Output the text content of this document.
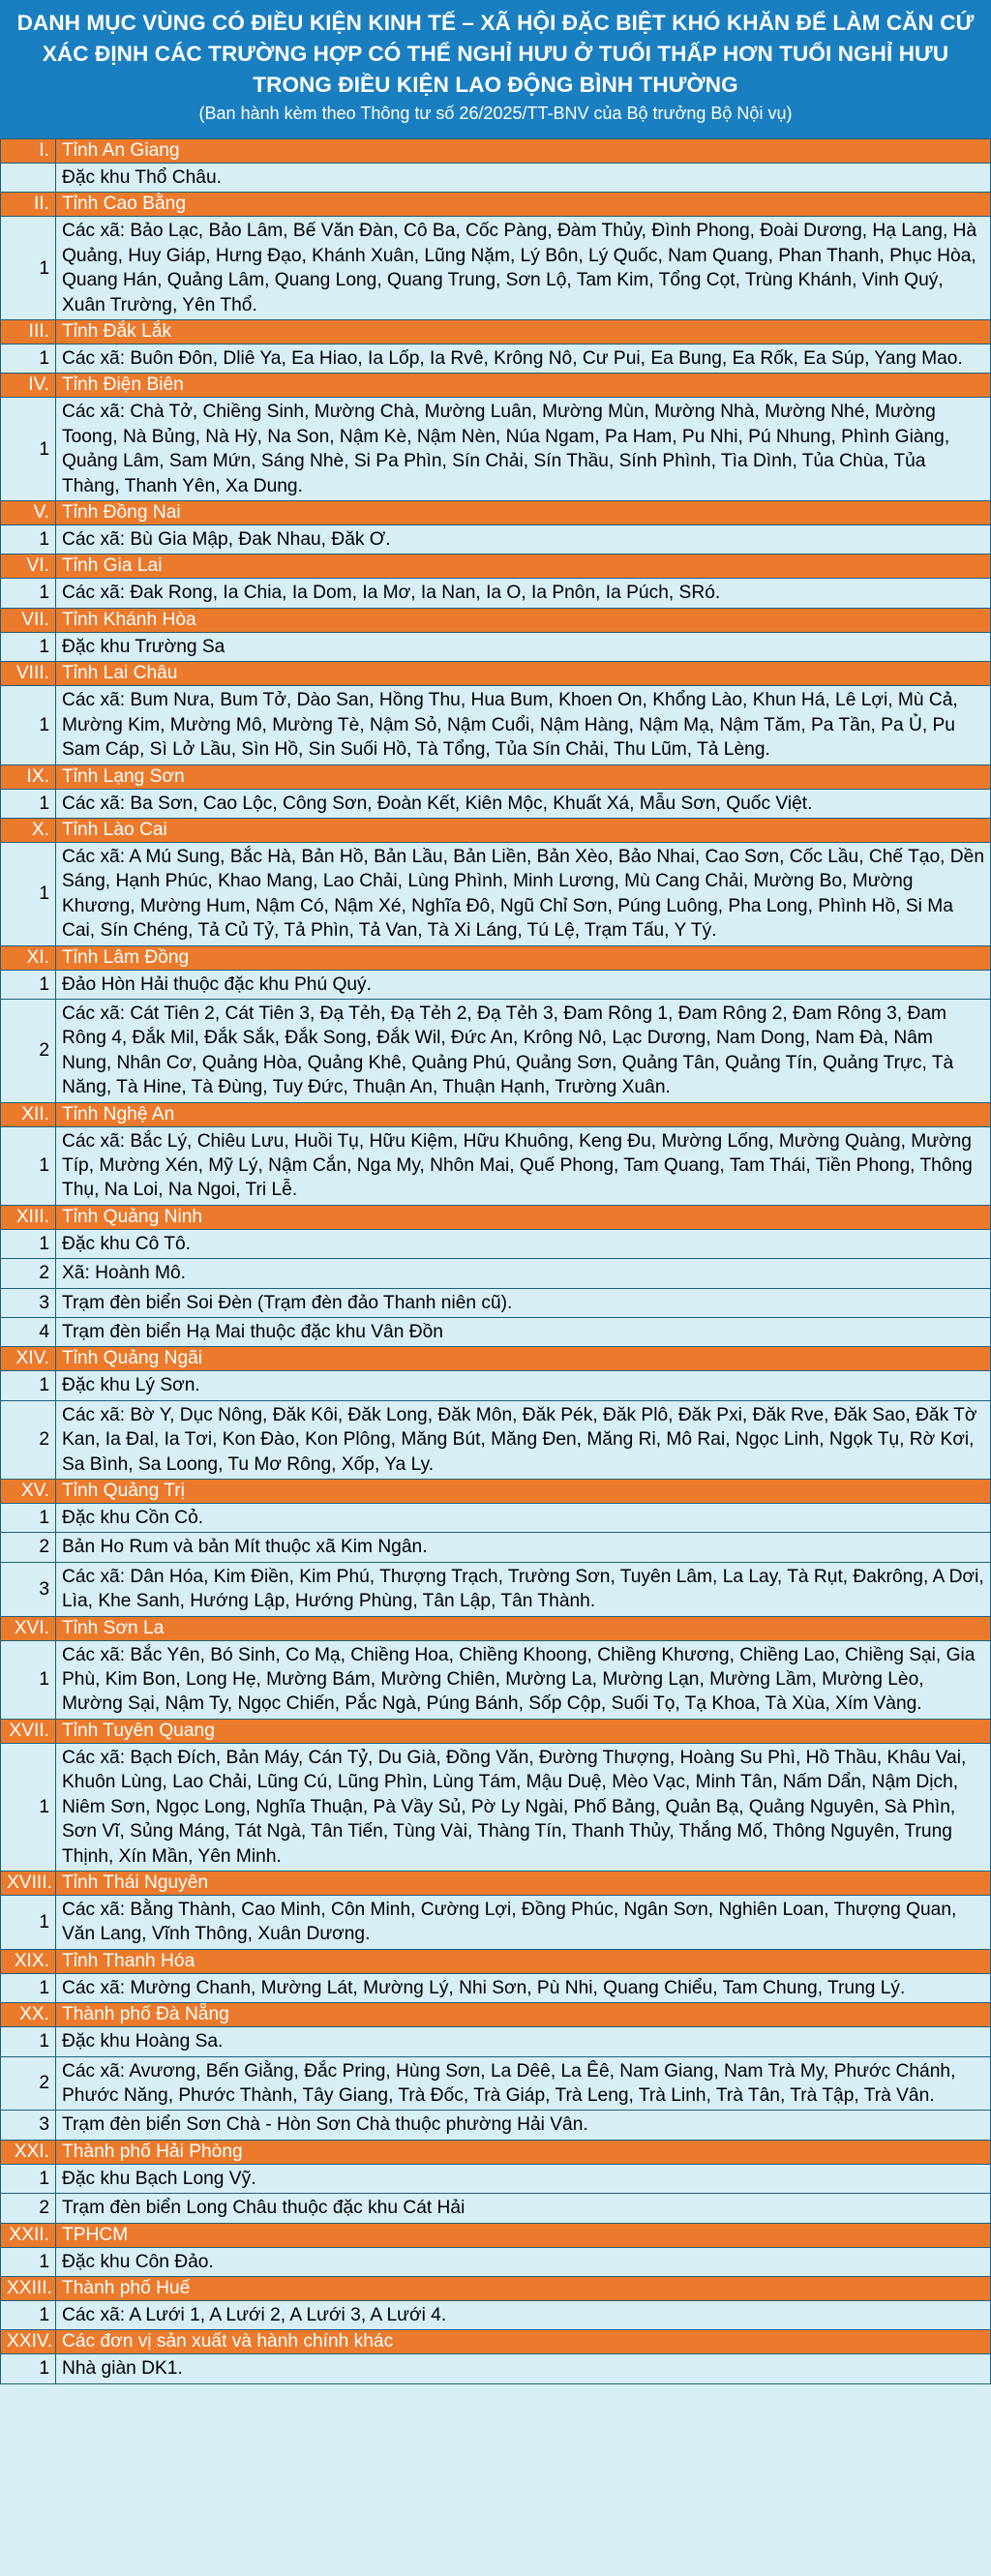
DANH MỤC VÙNG CÓ ĐIỀU KIỆN KINH TẾ – XÃ HỘI ĐẶC BIỆT KHÓ KHĂN ĐỂ LÀM CĂN CỨ
XÁC ĐỊNH CÁC TRƯỜNG HỢP CÓ THỂ NGHỈ HƯU Ở TUỔI THẤP HƠN TUỔI NGHỈ HƯU
TRONG ĐIỀU KIỆN LAO ĐỘNG BÌNH THƯỜNG
(Ban hành kèm theo Thông tư số 26/2025/TT-BNV của Bộ trưởng Bộ Nội vụ)
I.	Tỉnh An Giang
	Đặc khu Thổ Châu.
II.	Tỉnh Cao Bằng
1	Các xã: Bảo Lạc, Bảo Lâm, Bế Văn Đàn, Cô Ba, Cốc Pàng, Đàm Thủy, Đình Phong, Đoài Dương, Hạ Lang, Hà Quảng, Huy Giáp, Hưng Đạo, Khánh Xuân, Lũng Nặm, Lý Bôn, Lý Quốc, Nam Quang, Phan Thanh, Phục Hòa, Quang Hán, Quảng Lâm, Quang Long, Quang Trung, Sơn Lộ, Tam Kim, Tổng Cọt, Trùng Khánh, Vinh Quý, Xuân Trường, Yên Thổ.
III.	Tỉnh Đắk Lắk
1	Các xã: Buôn Đôn, Dliê Ya, Ea Hiao, Ia Lốp, Ia Rvê, Krông Nô, Cư Pui, Ea Bung, Ea Rốk, Ea Súp, Yang Mao.
IV.	Tỉnh Điện Biên
1	Các xã: Chà Tở, Chiềng Sinh, Mường Chà, Mường Luân, Mường Mùn, Mường Nhà, Mường Nhé, Mường Toong, Nà Bủng, Nà Hỳ, Na Son, Nậm Kè, Nậm Nèn, Núa Ngam, Pa Ham, Pu Nhi, Pú Nhung, Phình Giàng, Quảng Lâm, Sam Mứn, Sáng Nhè, Si Pa Phìn, Sín Chải, Sín Thầu, Sính Phình, Tìa Dình, Tủa Chùa, Tủa Thàng, Thanh Yên, Xa Dung.
V.	Tỉnh Đồng Nai
1	Các xã: Bù Gia Mập, Đak Nhau, Đăk Ơ.
VI.	Tỉnh Gia Lai
1	Các xã: Đak Rong, Ia Chia, Ia Dom, Ia Mơ, Ia Nan, Ia O, Ia Pnôn, Ia Púch, SRó.
VII.	Tỉnh Khánh Hòa
1	Đặc khu Trường Sa
VIII.	Tỉnh Lai Châu
1	Các xã: Bum Nưa, Bum Tở, Dào San, Hồng Thu, Hua Bum, Khoen On, Khổng Lào, Khun Há, Lê Lợi, Mù Cả, Mường Kim, Mường Mô, Mường Tè, Nậm Sỏ, Nậm Cuổi, Nậm Hàng, Nậm Mạ, Nậm Tăm, Pa Tần, Pa Ủ, Pu Sam Cáp, Sì Lở Lầu, Sìn Hồ, Sin Suối Hồ, Tà Tổng, Tủa Sín Chải, Thu Lũm, Tả Lèng.
IX.	Tỉnh Lạng Sơn
1	Các xã: Ba Sơn, Cao Lộc, Công Sơn, Đoàn Kết, Kiên Mộc, Khuất Xá, Mẫu Sơn, Quốc Việt.
X.	Tỉnh Lào Cai
1	Các xã: A Mú Sung, Bắc Hà, Bản Hồ, Bản Lầu, Bản Liền, Bản Xèo, Bảo Nhai, Cao Sơn, Cốc Lầu, Chế Tạo, Dền Sáng, Hạnh Phúc, Khao Mang, Lao Chải, Lùng Phình, Minh Lương, Mù Cang Chải, Mường Bo, Mường Khương, Mường Hum, Nậm Có, Nậm Xé, Nghĩa Đô, Ngũ Chỉ Sơn, Púng Luông, Pha Long, Phình Hồ, Si Ma Cai, Sín Chéng, Tả Củ Tỷ, Tả Phìn, Tả Van, Tà Xi Láng, Tú Lệ, Trạm Tấu, Y Tý.
XI.	Tỉnh Lâm Đồng
1	Đảo Hòn Hải thuộc đặc khu Phú Quý.
2	Các xã: Cát Tiên 2, Cát Tiên 3, Đạ Tẻh, Đạ Tẻh 2, Đạ Tẻh 3, Đam Rông 1, Đam Rông 2, Đam Rông 3, Đam Rông 4, Đắk Mil, Đắk Sắk, Đắk Song, Đắk Wil, Đức An, Krông Nô, Lạc Dương, Nam Dong, Nam Đà, Nâm Nung, Nhân Cơ, Quảng Hòa, Quảng Khê, Quảng Phú, Quảng Sơn, Quảng Tân, Quảng Tín, Quảng Trực, Tà Năng, Tà Hine, Tà Đùng, Tuy Đức, Thuận An, Thuận Hạnh, Trường Xuân.
XII.	Tỉnh Nghệ An
1	Các xã: Bắc Lý, Chiêu Lưu, Huồi Tụ, Hữu Kiệm, Hữu Khuông, Keng Đu, Mường Lống, Mường Quàng, Mường Típ, Mường Xén, Mỹ Lý, Nậm Cắn, Nga My, Nhôn Mai, Quế Phong, Tam Quang, Tam Thái, Tiền Phong, Thông Thụ, Na Loi, Na Ngoi, Tri Lễ.
XIII.	Tỉnh Quảng Ninh
1	Đặc khu Cô Tô.
2	Xã: Hoành Mô.
3	Trạm đèn biển Soi Đèn (Trạm đèn đảo Thanh niên cũ).
4	Trạm đèn biển Hạ Mai thuộc đặc khu Vân Đồn
XIV.	Tỉnh Quảng Ngãi
1	Đặc khu Lý Sơn.
2	Các xã: Bờ Y, Dục Nông, Đăk Kôi, Đăk Long, Đăk Môn, Đăk Pék, Đăk Plô, Đăk Pxi, Đăk Rve, Đăk Sao, Đăk Tờ Kan, Ia Đal, Ia Tơi, Kon Đào, Kon Plông, Măng Bút, Măng Đen, Măng Ri, Mô Rai, Ngọc Linh, Ngọk Tụ, Rờ Kơi, Sa Bình, Sa Loong, Tu Mơ Rông, Xốp, Ya Ly.
XV.	Tỉnh Quảng Trị
1	Đặc khu Cồn Cỏ.
2	Bản Ho Rum và bản Mít thuộc xã Kim Ngân.
3	Các xã: Dân Hóa, Kim Điền, Kim Phú, Thượng Trạch, Trường Sơn, Tuyên Lâm, La Lay, Tà Rụt, Đakrông, A Dơi, Lìa, Khe Sanh, Hướng Lập, Hướng Phùng, Tân Lập, Tân Thành.
XVI.	Tỉnh Sơn La
1	Các xã: Bắc Yên, Bó Sinh, Co Mạ, Chiềng Hoa, Chiềng Khoong, Chiềng Khương, Chiềng Lao, Chiềng Sại, Gia Phù, Kim Bon, Long Hẹ, Mường Bám, Mường Chiên, Mường La, Mường Lạn, Mường Lầm, Mường Lèo, Mường Sại, Nậm Ty, Ngọc Chiến, Pắc Ngà, Púng Bánh, Sốp Cộp, Suối Tọ, Tạ Khoa, Tà Xùa, Xím Vàng.
XVII.	Tỉnh Tuyên Quang
1	Các xã: Bạch Đích, Bản Máy, Cán Tỷ, Du Già, Đồng Văn, Đường Thượng, Hoàng Su Phì, Hồ Thầu, Khâu Vai, Khuôn Lùng, Lao Chải, Lũng Cú, Lũng Phìn, Lùng Tám, Mậu Duệ, Mèo Vạc, Minh Tân, Nấm Dẩn, Nậm Dịch, Niêm Sơn, Ngọc Long, Nghĩa Thuận, Pà Vầy Sủ, Pờ Ly Ngài, Phố Bảng, Quản Bạ, Quảng Nguyên, Sà Phìn, Sơn Vĩ, Sủng Máng, Tát Ngà, Tân Tiến, Tùng Vài, Thàng Tín, Thanh Thủy, Thắng Mố, Thông Nguyên, Trung Thịnh, Xín Mần, Yên Minh.
XVIII.	Tỉnh Thái Nguyên
1	Các xã: Bằng Thành, Cao Minh, Côn Minh, Cường Lợi, Đồng Phúc, Ngân Sơn, Nghiên Loan, Thượng Quan, Văn Lang, Vĩnh Thông, Xuân Dương.
XIX.	Tỉnh Thanh Hóa
1	Các xã: Mường Chanh, Mường Lát, Mường Lý, Nhi Sơn, Pù Nhi, Quang Chiểu, Tam Chung, Trung Lý.
XX.	Thành phố Đà Nẵng
1	Đặc khu Hoàng Sa.
2	Các xã: Avương, Bến Giằng, Đắc Pring, Hùng Sơn, La Dêê, La Êê, Nam Giang, Nam Trà My, Phước Chánh, Phước Năng, Phước Thành, Tây Giang, Trà Đốc, Trà Giáp, Trà Leng, Trà Linh, Trà Tân, Trà Tập, Trà Vân.
3	Trạm đèn biển Sơn Chà - Hòn Sơn Chà thuộc phường Hải Vân.
XXI.	Thành phố Hải Phòng
1	Đặc khu Bạch Long Vỹ.
2	Trạm đèn biển Long Châu thuộc đặc khu Cát Hải
XXII.	TPHCM
1	Đặc khu Côn Đảo.
XXIII.	Thành phố Huế
1	Các xã: A Lưới 1, A Lưới 2, A Lưới 3, A Lưới 4.
XXIV.	Các đơn vị sản xuất và hành chính khác
1	Nhà giàn DK1.
